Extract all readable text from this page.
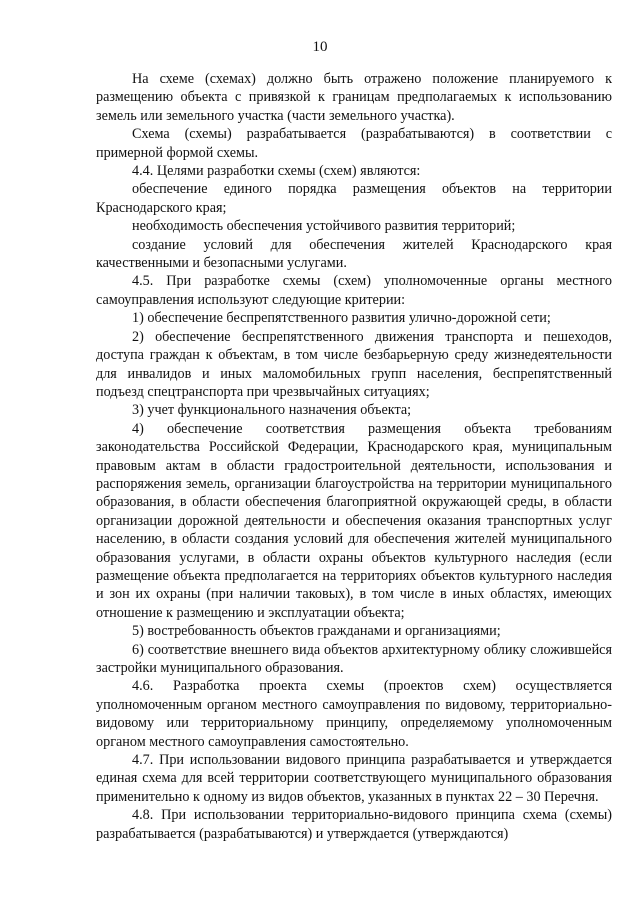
10

На схеме (схемах) должно быть отражено положение планируемого к размещению объекта с привязкой к границам предполагаемых к использованию земель или земельного участка (части земельного участка).

Схема (схемы) разрабатывается (разрабатываются) в соответствии с примерной формой схемы.

4.4. Целями разработки схемы (схем) являются:

обеспечение единого порядка размещения объектов на территории Краснодарского края;

необходимость обеспечения устойчивого развития территорий;

создание условий для обеспечения жителей Краснодарского края качественными и безопасными услугами.

4.5. При разработке схемы (схем) уполномоченные органы местного самоуправления используют следующие критерии:

1) обеспечение беспрепятственного развития улично-дорожной сети;

2) обеспечение беспрепятственного движения транспорта и пешеходов, доступа граждан к объектам, в том числе безбарьерную среду жизнедеятельности для инвалидов и иных маломобильных групп населения, беспрепятственный подъезд спецтранспорта при чрезвычайных ситуациях;

3) учет функционального назначения объекта;

4) обеспечение соответствия размещения объекта требованиям законодательства Российской Федерации, Краснодарского края, муниципальным правовым актам в области градостроительной деятельности, использования и распоряжения земель, организации благоустройства на территории муниципального образования, в области обеспечения благоприятной окружающей среды, в области организации дорожной деятельности и обеспечения оказания транспортных услуг населению, в области создания условий для обеспечения жителей муниципального образования услугами, в области охраны объектов культурного наследия (если размещение объекта предполагается на территориях объектов культурного наследия и зон их охраны (при наличии таковых), в том числе в иных областях, имеющих отношение к размещению и эксплуатации объекта;

5) востребованность объектов гражданами и организациями;

6) соответствие внешнего вида объектов архитектурному облику сложившейся застройки муниципального образования.

4.6. Разработка проекта схемы (проектов схем) осуществляется уполномоченным органом местного самоуправления по видовому, территориально-видовому или территориальному принципу, определяемому уполномоченным органом местного самоуправления самостоятельно.

4.7. При использовании видового принципа разрабатывается и утверждается единая схема для всей территории соответствующего муниципального образования применительно к одному из видов объектов, указанных в пунктах 22 – 30 Перечня.

4.8. При использовании территориально-видового принципа схема (схемы) разрабатывается (разрабатываются) и утверждается (утверждаются)
